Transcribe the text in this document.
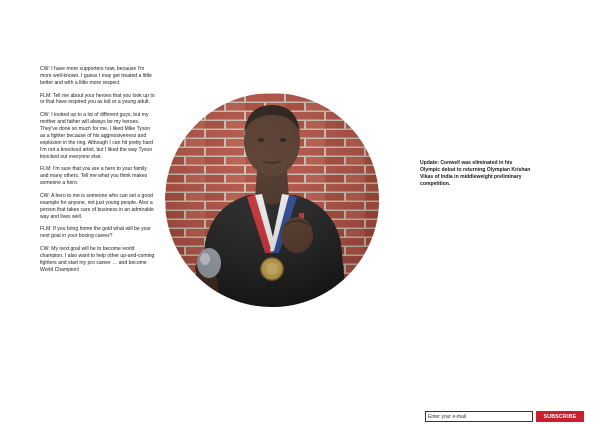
CW: I have more supporters now, because I'm more well-known. I guess I may get treated a little better and with a little more respect.

FLM: Tell me about your heroes that you look up to or that have inspired you as kid or a young adult.

CW: I looked up to a lot of different guys, but my mother and father will always be my heroes. They've done so much for me. I liked Mike Tyson as a fighter because of his aggressiveness and explosion in the ring. Although I can hit pretty hard I'm not a knockout artist, but I liked the way Tyson knocked out everyone else.

FLM: I'm sure that you are a hero to your family and many others. Tell me what you think makes someone a hero.

CW: A hero to me is someone who can set a good example for anyone, not just young people. Also a person that takes care of business in an admirable way and lives well.

FLM: If you bring home the gold what will be your next goal in your boxing career?

CW: My next goal will be to become world champion. I also want to help other up-and-coming fighters and start my pro career … and become World Champion!

Update: Conwell was eliminated in his Olympic debut to returning Olympian Krishan Vikas of India in middleweight preliminary competition.
Enter your e-mail
SUBSCRIBE
